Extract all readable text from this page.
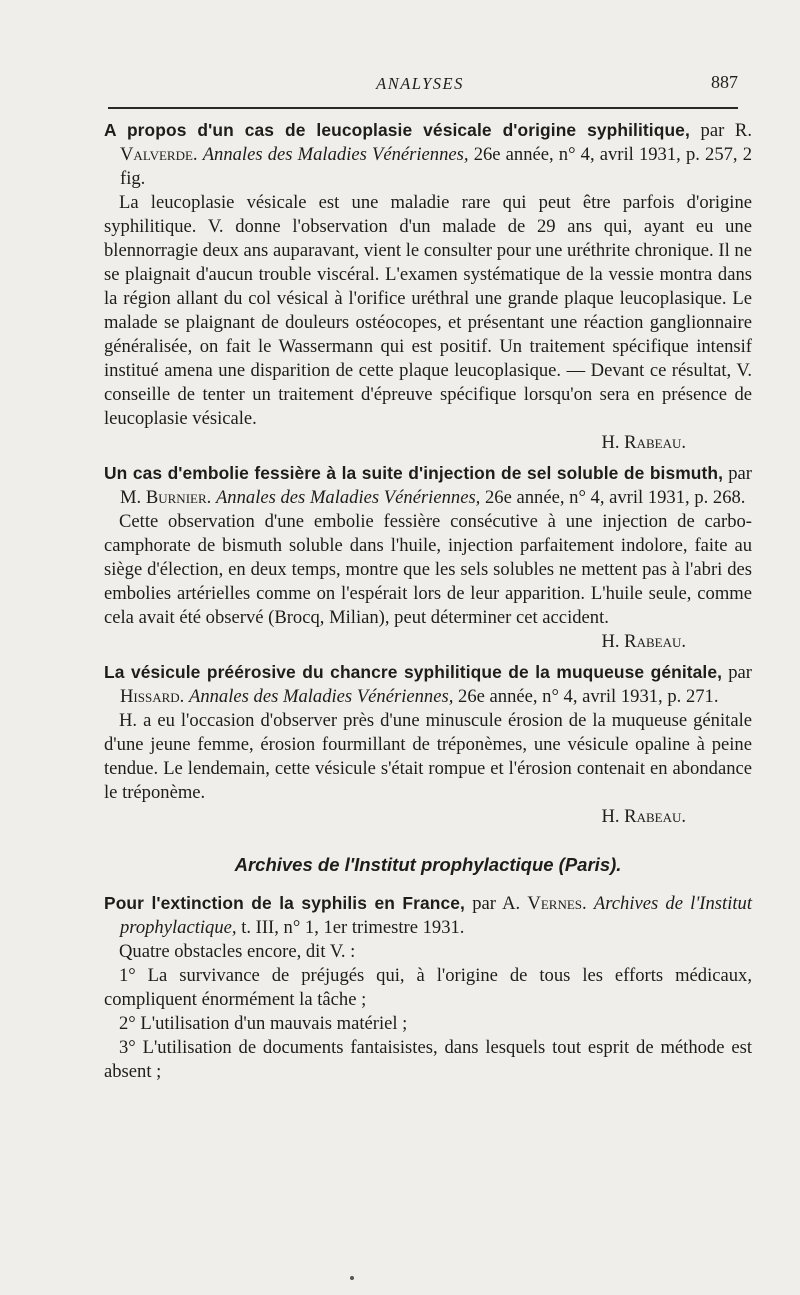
ANALYSES	887

A propos d'un cas de leucoplasie vésicale d'origine syphilitique, par R. Valverde. Annales des Maladies Vénériennes, 26e année, n° 4, avril 1931, p. 257, 2 fig.

La leucoplasie vésicale est une maladie rare qui peut être parfois d'origine syphilitique. V. donne l'observation d'un malade de 29 ans qui, ayant eu une blennorragie deux ans auparavant, vient le consulter pour une uréthrite chronique. Il ne se plaignait d'aucun trouble viscéral. L'examen systématique de la vessie montra dans la région allant du col vésical à l'orifice uréthral une grande plaque leucoplasique. Le malade se plaignant de douleurs ostéocopes, et présentant une réaction ganglionnaire généralisée, on fait le Wassermann qui est positif. Un traitement spécifique intensif institué amena une disparition de cette plaque leucoplasique. — Devant ce résultat, V. conseille de tenter un traitement d'épreuve spécifique lorsqu'on sera en présence de leucoplasie vésicale.

H. Rabeau.

Un cas d'embolie fessière à la suite d'injection de sel soluble de bismuth, par M. Burnier. Annales des Maladies Vénériennes, 26e année, n° 4, avril 1931, p. 268.

Cette observation d'une embolie fessière consécutive à une injection de carbo-camphorate de bismuth soluble dans l'huile, injection parfaitement indolore, faite au siège d'élection, en deux temps, montre que les sels solubles ne mettent pas à l'abri des embolies artérielles comme on l'espérait lors de leur apparition. L'huile seule, comme cela avait été observé (Brocq, Milian), peut déterminer cet accident.

H. Rabeau.

La vésicule préérosive du chancre syphilitique de la muqueuse génitale, par Hissard. Annales des Maladies Vénériennes, 26e année, n° 4, avril 1931, p. 271.

H. a eu l'occasion d'observer près d'une minuscule érosion de la muqueuse génitale d'une jeune femme, érosion fourmillant de tréponèmes, une vésicule opaline à peine tendue. Le lendemain, cette vésicule s'était rompue et l'érosion contenait en abondance le tréponème.

H. Rabeau.

Archives de l'Institut prophylactique (Paris).

Pour l'extinction de la syphilis en France, par A. Vernes. Archives de l'Institut prophylactique, t. III, n° 1, 1er trimestre 1931.

Quatre obstacles encore, dit V. :

1° La survivance de préjugés qui, à l'origine de tous les efforts médicaux, compliquent énormément la tâche ;

2° L'utilisation d'un mauvais matériel ;

3° L'utilisation de documents fantaisistes, dans lesquels tout esprit de méthode est absent ;
